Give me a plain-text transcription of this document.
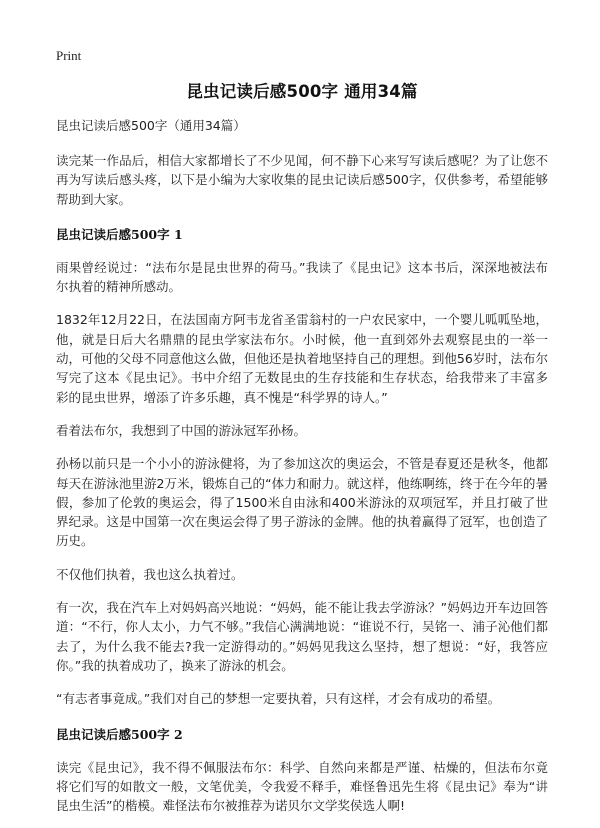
Print
昆虫记读后感500字 通用34篇

昆虫记读后感500字（通用34篇）

读完某一作品后，相信大家都增长了不少见闻，何不静下心来写写读后感呢？为了让您不再为写读后感头疼，以下是小编为大家收集的昆虫记读后感500字，仅供参考，希望能够帮助到大家。

昆虫记读后感500字 1

雨果曾经说过：“法布尔是昆虫世界的荷马。”我读了《昆虫记》这本书后，深深地被法布尔执着的精神所感动。

1832年12月22日，在法国南方阿韦龙省圣雷翁村的一户农民家中，一个婴儿呱呱坠地，他，就是日后大名鼎鼎的昆虫学家法布尔。小时候，他一直到郊外去观察昆虫的一举一动，可他的父母不同意他这么做，但他还是执着地坚持自己的理想。到他56岁时，法布尔写完了这本《昆虫记》。书中介绍了无数昆虫的生存技能和生存状态，给我带来了丰富多彩的昆虫世界，增添了许多乐趣，真不愧是“科学界的诗人。”

看着法布尔，我想到了中国的游泳冠军孙杨。

孙杨以前只是一个小小的游泳健将，为了参加这次的奥运会，不管是春夏还是秋冬，他都每天在游泳池里游2万米，锻炼自己的“体力和耐力。就这样，他练啊练，终于在今年的暑假，参加了伦敦的奥运会，得了1500米自由泳和400米游泳的双项冠军，并且打破了世界纪录。这是中国第一次在奥运会得了男子游泳的金牌。他的执着赢得了冠军，也创造了历史。

不仅他们执着，我也这么执着过。

有一次，我在汽车上对妈妈高兴地说：“妈妈，能不能让我去学游泳？”妈妈边开车边回答道：“不行，你人太小，力气不够。”我信心满满地说：“谁说不行，吴铭一、浦子沁他们都去了，为什么我不能去?我一定游得动的。”妈妈见我这么坚持，想了想说：“好，我答应你。”我的执着成功了，换来了游泳的机会。

“有志者事竟成。”我们对自己的梦想一定要执着，只有这样，才会有成功的希望。

昆虫记读后感500字 2

读完《昆虫记》，我不得不佩服法布尔：科学、自然向来都是严谨、枯燥的，但法布尔竟将它们写的如散文一般，文笔优美，令我爱不释手，难怪鲁迅先生将《昆虫记》奉为“讲昆虫生活”的楷模。难怪法布尔被推荐为诺贝尔文学奖侯选人啊!
